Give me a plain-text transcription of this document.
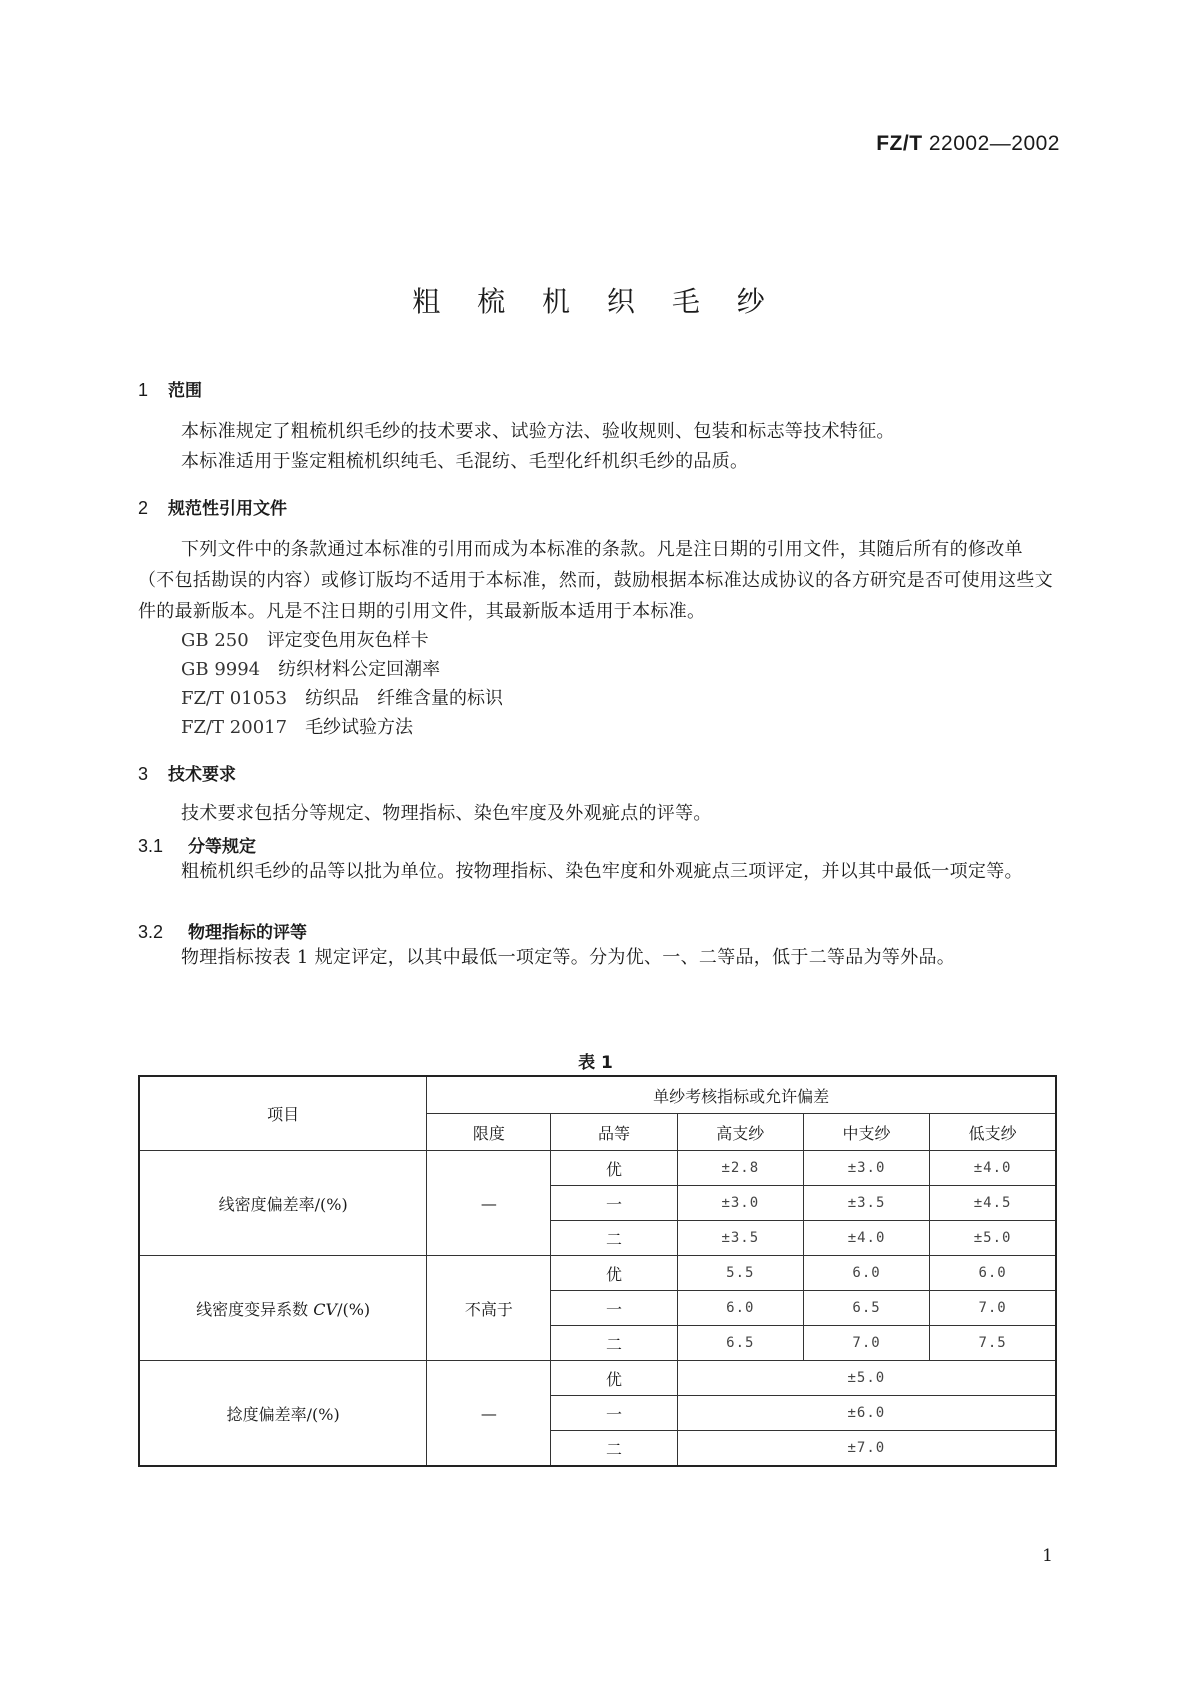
FZ/T 22002—2002
粗 梳 机 织 毛 纱
1 范围
本标准规定了粗梳机织毛纱的技术要求、试验方法、验收规则、包装和标志等技术特征。
本标准适用于鉴定粗梳机织纯毛、毛混纺、毛型化纤机织毛纱的品质。
2 规范性引用文件
下列文件中的条款通过本标准的引用而成为本标准的条款。凡是注日期的引用文件，其随后所有的修改单（不包括勘误的内容）或修订版均不适用于本标准，然而，鼓励根据本标准达成协议的各方研究是否可使用这些文件的最新版本。凡是不注日期的引用文件，其最新版本适用于本标准。
GB 250 评定变色用灰色样卡
GB 9994 纺织材料公定回潮率
FZ/T 01053 纺织品　纤维含量的标识
FZ/T 20017 毛纱试验方法
3 技术要求
技术要求包括分等规定、物理指标、染色牢度及外观疵点的评等。
3.1 分等规定
粗梳机织毛纱的品等以批为单位。按物理指标、染色牢度和外观疵点三项评定，并以其中最低一项定等。
3.2 物理指标的评等
物理指标按表 1 规定评定，以其中最低一项定等。分为优、一、二等品，低于二等品为等外品。
表 1
项目	单纱考核指标或允许偏差				
	限度	品等	高支纱	中支纱	低支纱
线密度偏差率/(%)	—	优	±2.8	±3.0	±4.0
		一	±3.0	±3.5	±4.5
		二	±3.5	±4.0	±5.0
线密度变异系数 CV/(%)	不高于	优	5.5	6.0	6.0
		一	6.0	6.5	7.0
		二	6.5	7.0	7.5
捻度偏差率/(%)	—	优	±5.0		
		一	±6.0		
		二	±7.0		
1
